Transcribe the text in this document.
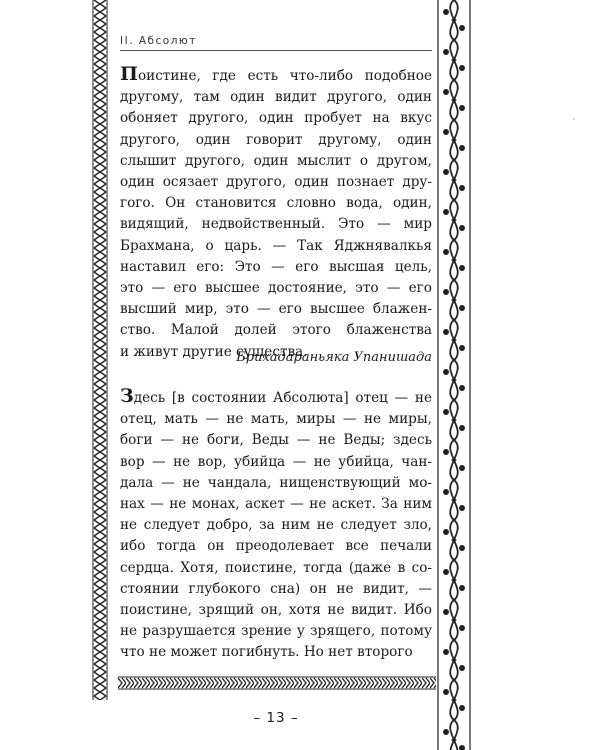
II. Абсолют
Поистине, где есть что-либо подобное
другому, там один видит другого, один
обоняет другого, один пробует на вкус
другого, один говорит другому, один
слышит другого, один мыслит о другом,
один осязает другого, один познает дру-
гого. Он становится словно вода, один,
видящий, недвойственный. Это — мир
Брахмана, о царь. — Так Яджнявалкья
наставил его: Это — его высшая цель,
это — его высшее достояние, это — его
высший мир, это — его высшее блажен-
ство. Малой долей этого блаженства
и живут другие существа.
Брихадараньяка Упанишада
Здесь [в состоянии Абсолюта] отец — не
отец, мать — не мать, миры — не миры,
боги — не боги, Веды — не Веды; здесь
вор — не вор, убийца — не убийца, чан-
дала — не чандала, нищенствующий мо-
нах — не монах, аскет — не аскет. За ним
не следует добро, за ним не следует зло,
ибо тогда он преодолевает все печали
сердца. Хотя, поистине, тогда (даже в со-
стоянии глубокого сна) он не видит, —
поистине, зрящий он, хотя не видит. Ибо
не разрушается зрение у зрящего, потому
что не может погибнуть. Но нет второго
– 13 –
